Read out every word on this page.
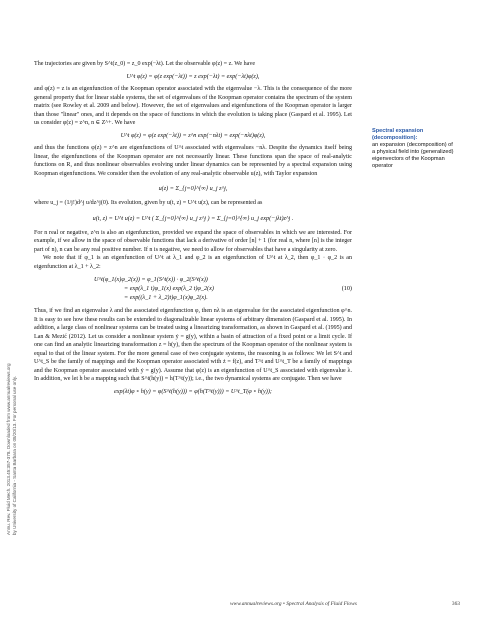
Annu. Rev. Fluid Mech. 2013.45:357-378. Downloaded from www.annualreviews.org by University of California - Santa Barbara on 08/20/13. For personal use only.

The trajectories are given by S^t(z_0) = z_0 exp(−λt). Let the observable φ(z) = z. We have

U^t φ(z) = φ(z exp(−λt)) = z exp(−λt) = exp(−λt)φ(z),

and φ(z) = z is an eigenfunction of the Koopman operator associated with the eigenvalue −λ. This is the consequence of the more general property that for linear stable systems, the set of eigenvalues of the Koopman operator contains the spectrum of the system matrix (see Rowley et al. 2009 and below). However, the set of eigenvalues and eigenfunctions of the Koopman operator is larger than those "linear" ones, and it depends on the space of functions in which the evolution is taking place (Gaspard et al. 1995). Let us consider φ(z) = z^n, n ∈ Z^+. We have

U^t φ(z) = φ(z exp(−λt)) = z^n exp(−nλt) = exp(−nλt)φ(z),

and thus the functions φ(z) = z^n are eigenfunctions of U^t associated with eigenvalues −nλ. Despite the dynamics itself being linear, the eigenfunctions of the Koopman operator are not necessarily linear. These functions span the space of real-analytic functions on R, and thus nonlinear observables evolving under linear dynamics can be represented by a spectral expansion using Koopman eigenfunctions. We consider then the evolution of any real-analytic observable u(z), with Taylor expansion

u(z) = Σ_{j=0}^{∞} u_j z^j,

where u_j = (1/j!)d^j u/dz^j(0). Its evolution, given by u(t, z) = U^t u(z), can be represented as

u(t, z) = U^t u(z) = U^t ( Σ_{j=0}^{∞} u_j z^j ) = Σ_{j=0}^{∞} u_j exp(−jλt)z^j .

For n real or negative, z^n is also an eigenfunction, provided we expand the space of observables in which we are interested. For example, if we allow in the space of observable functions that lack a derivative of order [n] + 1 (for real n, where [n] is the integer part of n), n can be any real positive number. If n is negative, we need to allow for observables that have a singularity at zero.

We note that if φ_1 is an eigenfunction of U^t at λ_1 and φ_2 is an eigenfunction of U^t at λ_2, then φ_1 · φ_2 is an eigenfunction at λ_1 + λ_2:

U^t(φ_1(x)φ_2(x)) = φ_1(S^t(x)) · φ_2(S^t(x))
= exp(λ_1 t)φ_1(x) exp(λ_2 t)φ_2(x)	(10)
= exp((λ_1 + λ_2)t)φ_1(x)φ_2(x).

Thus, if we find an eigenvalue λ and the associated eigenfunction φ, then nλ is an eigenvalue for the associated eigenfunction φ^n. It is easy to see how these results can be extended to diagonalizable linear systems of arbitrary dimension (Gaspard et al. 1995). In addition, a large class of nonlinear systems can be treated using a linearizing transformation, as shown in Gaspard et al. (1995) and Lan & Mezić (2012). Let us consider a nonlinear system ẏ = g(y), within a basin of attraction of a fixed point or a limit cycle. If one can find an analytic linearizing transformation z = h(y), then the spectrum of the Koopman operator of the nonlinear system is equal to that of the linear system. For the more general case of two conjugate systems, the reasoning is as follows: We let S^t and U^t_S be the family of mappings and the Koopman operator associated with ż = f(z), and T^t and U^t_T be a family of mappings and the Koopman operator associated with ẏ = g(y). Assume that φ(z) is an eigenfunction of U^t_S associated with eigenvalue λ. In addition, we let h be a mapping such that S^t(h(y)) = h(T^t(y)); i.e., the two dynamical systems are conjugate. Then we have

exp(λt)φ ∘ h(y) = φ(S^t(h(y))) = φ(h(T^t(y))) = U^t_T(φ ∘ h(y));
Spectral expansion (decomposition):
an expansion (decomposition) of a physical field into (generalized) eigenvectors of the Koopman operator
www.annualreviews.org • Spectral Analysis of Fluid Flows	363
